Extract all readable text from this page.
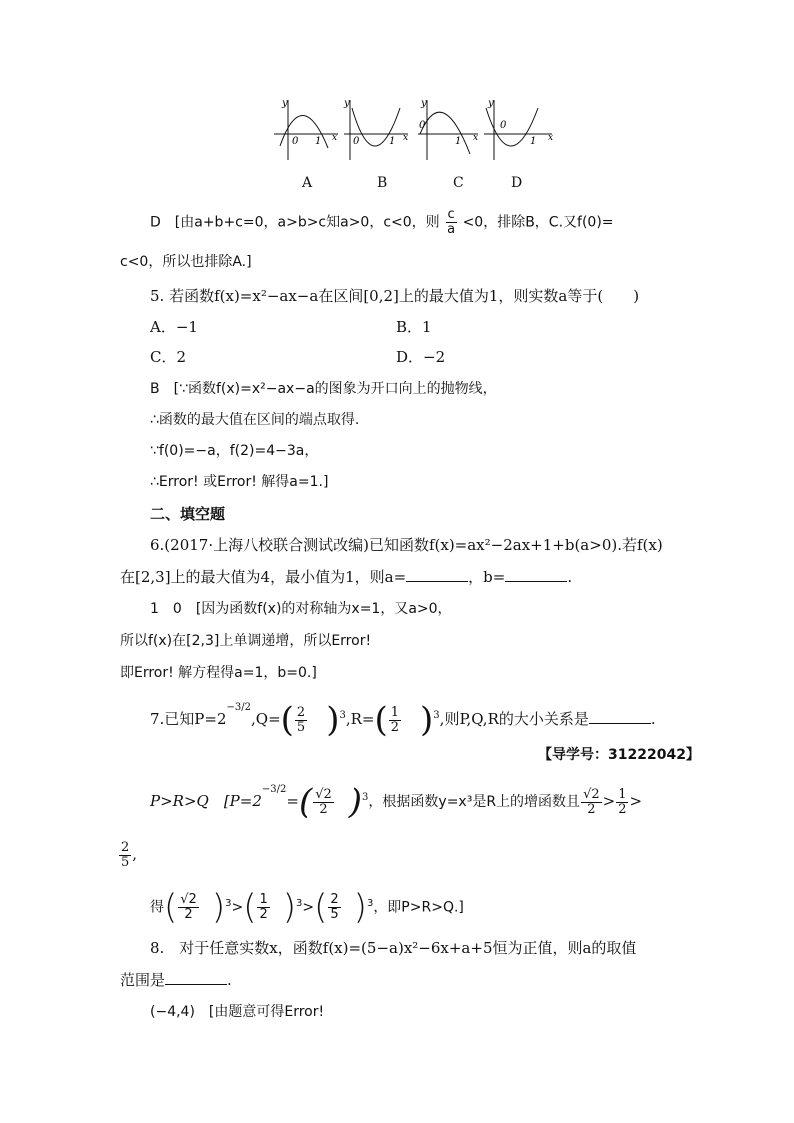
y
0 1 x
y
0	1 x
y
0
1 x
y
0
1 x
A	B	C	D
D　[由a+b+c=0，a>b>c知a>0，c<0，则 $\frac{c}{a} <0$，排除B，C.又f(0)=
c<0，所以也排除A.]
5. 若函数f(x)=x²−ax−a在区间[0,2]上的最大值为1，则实数a等于(　　)
A．−1	B．1
C．2	D．−2
B　[∵函数f(x)=x²−ax−a的图象为开口向上的抛物线，
∴函数的最大值在区间的端点取得.
∵f(0)=−a，f(2)=4−3a，
∴Error! 或Error! 解得a=1.]
二、填空题
6.(2017·上海八校联合测试改编)已知函数f(x)=ax²−2ax+1+b(a>0).若f(x)
在[2,3]上的最大值为4，最小值为1，则a=	，b=	.
1　0　[因为函数f(x)的对称轴为x=1，又a>0，
所以f(x)在[2,3]上单调递增，所以Error!
即Error! 解方程得a=1，b=0.]
7.已知$P=2^{-3/2},Q=( \frac{2}{5} )^3,R=( \frac{1}{2} )^3$,则P,Q,R的大小关系是	.
【导学号：31222042】
P>R>Q　[$P=2^{-3/2}=( \frac{√2}{2} )^3$，根据函数y=x³是R上的增函数且 $\frac{√2}{2} > \frac{1}{2}$ >
$\frac{2}{5}$ ,
得( $\frac{√2}{2} )^3>( \frac{1}{2} )^3>( \frac{2}{5} )^3$，即P>R>Q.]
8.　对于任意实数x，函数f(x)=(5−a)x²−6x+a+5恒为正值，则a的取值
范围是	.
(−4,4)　[由题意可得Error!
